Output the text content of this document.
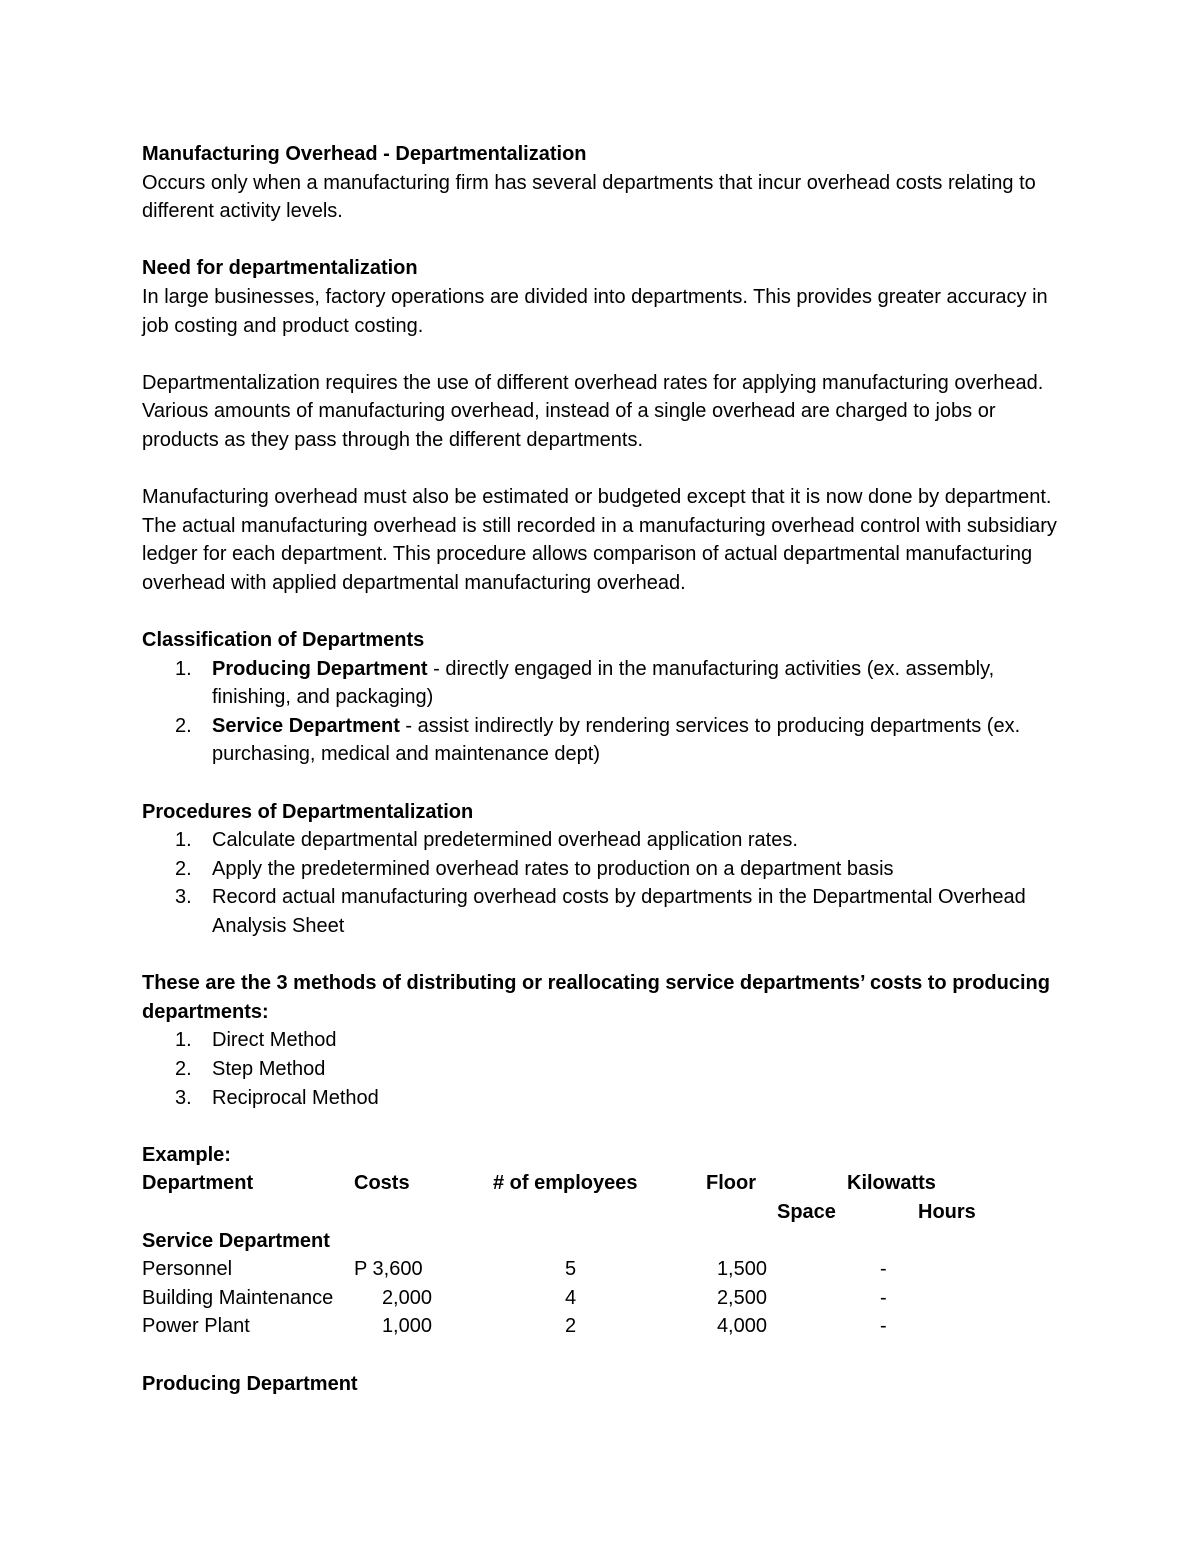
Manufacturing Overhead - Departmentalization

Occurs only when a manufacturing firm has several departments that incur overhead costs relating to different activity levels.

Need for departmentalization

In large businesses, factory operations are divided into departments. This provides greater accuracy in job costing and product costing.

Departmentalization requires the use of different overhead rates for applying manufacturing overhead. Various amounts of manufacturing overhead, instead of a single overhead are charged to jobs or products as they pass through the different departments.

Manufacturing overhead must also be estimated or budgeted except that it is now done by department. The actual manufacturing overhead is still recorded in a manufacturing overhead control with subsidiary ledger for each department. This procedure allows comparison of actual departmental manufacturing overhead with applied departmental manufacturing overhead.

Classification of Departments

1. Producing Department - directly engaged in the manufacturing activities (ex. assembly, finishing, and packaging)
2. Service Department - assist indirectly by rendering services to producing departments (ex. purchasing, medical and maintenance dept)

Procedures of Departmentalization

1. Calculate departmental predetermined overhead application rates.
2. Apply the predetermined overhead rates to production on a department basis
3. Record actual manufacturing overhead costs by departments in the Departmental Overhead Analysis Sheet

These are the 3 methods of distributing or reallocating service departments’ costs to producing departments:

1. Direct Method
2. Step Method
3. Reciprocal Method

Example:

Department	Costs	# of employees	Floor	Kilowatts
Space	Hours
Service Department
Personnel	P 3,600	5	1,500	-
Building Maintenance 2,000	4	2,500	-
Power Plant	1,000	2	4,000	-

Producing Department
